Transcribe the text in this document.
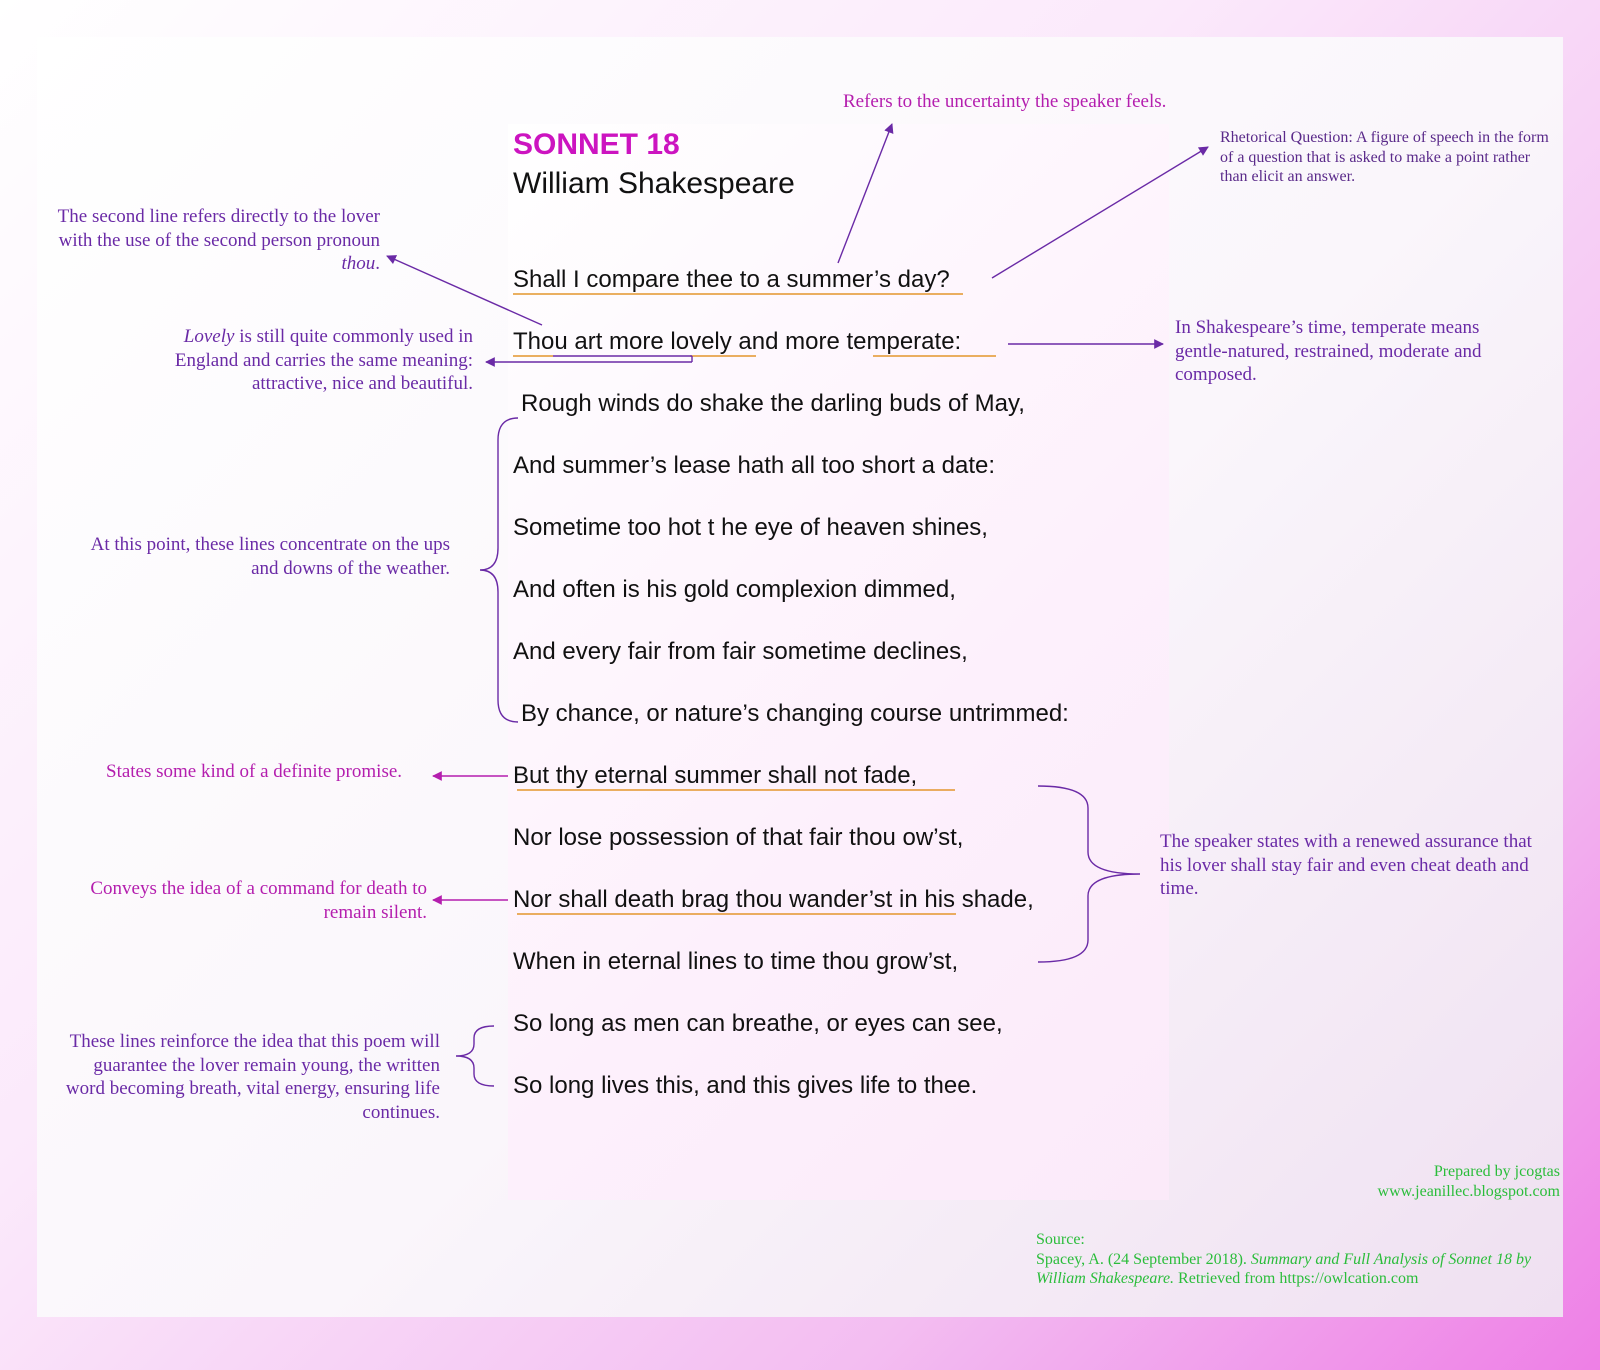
SONNET 18
William Shakespeare

Shall I compare thee to a summer’s day?

Thou art more lovely and more temperate:

Rough winds do shake the darling buds of May,

And summer’s lease hath all too short a date:

Sometime too hot t he eye of heaven shines,

And often is his gold complexion dimmed,

And every fair from fair sometime declines,

By chance, or nature’s changing course untrimmed:

But thy eternal summer shall not fade,

Nor lose possession of that fair thou ow’st,

Nor shall death brag thou wander’st in his shade,

When in eternal lines to time thou grow’st,

So long as men can breathe, or eyes can see,

So long lives this, and this gives life to thee.

Refers to the uncertainty the speaker feels.

Rhetorical Question: A figure of speech in the form of a question that is asked to make a point rather than elicit an answer.

The second line refers directly to the lover with the use of the second person pronoun thou.

Lovely is still quite commonly used in England and carries the same meaning: attractive, nice and beautiful.

In Shakespeare’s time, temperate means gentle-natured, restrained, moderate and composed.

At this point, these lines concentrate on the ups and downs of the weather.

States some kind of a definite promise.

The speaker states with a renewed assurance that his lover shall stay fair and even cheat death and time.

Conveys the idea of a command for death to remain silent.

These lines reinforce the idea that this poem will guarantee the lover remain young, the written word becoming breath, vital energy, ensuring life continues.

Prepared by jcogtas
www.jeanillec.blogspot.com

Source:
Spacey, A. (24 September 2018). Summary and Full Analysis of Sonnet 18 by William Shakespeare. Retrieved from https://owlcation.com
